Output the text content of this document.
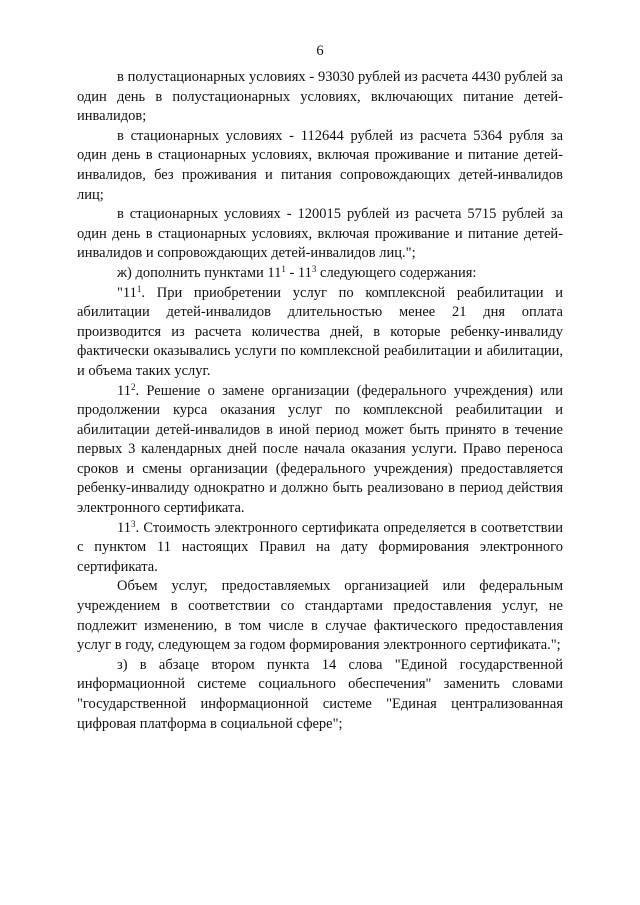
6

в полустационарных условиях - 93030 рублей из расчета 4430 рублей за один день в полустационарных условиях, включающих питание детей-инвалидов;

в стационарных условиях - 112644 рублей из расчета 5364 рубля за один день в стационарных условиях, включая проживание и питание детей-инвалидов, без проживания и питания сопровождающих детей-инвалидов лиц;

в стационарных условиях - 120015 рублей из расчета 5715 рублей за один день в стационарных условиях, включая проживание и питание детей-инвалидов и сопровождающих детей-инвалидов лиц.";

ж) дополнить пунктами $11^1 - 11^3$ следующего содержания:

"$11^1$. При приобретении услуг по комплексной реабилитации и абилитации детей-инвалидов длительностью менее 21 дня оплата производится из расчета количества дней, в которые ребенку-инвалиду фактически оказывались услуги по комплексной реабилитации и абилитации, и объема таких услуг.

$11^2$. Решение о замене организации (федерального учреждения) или продолжении курса оказания услуг по комплексной реабилитации и абилитации детей-инвалидов в иной период может быть принято в течение первых 3 календарных дней после начала оказания услуги. Право переноса сроков и смены организации (федерального учреждения) предоставляется ребенку-инвалиду однократно и должно быть реализовано в период действия электронного сертификата.

$11^3$. Стоимость электронного сертификата определяется в соответствии с пунктом 11 настоящих Правил на дату формирования электронного сертификата.

Объем услуг, предоставляемых организацией или федеральным учреждением в соответствии со стандартами предоставления услуг, не подлежит изменению, в том числе в случае фактического предоставления услуг в году, следующем за годом формирования электронного сертификата.";

з) в абзаце втором пункта 14 слова "Единой государственной информационной системе социального обеспечения" заменить словами "государственной информационной системе "Единая централизованная цифровая платформа в социальной сфере";
